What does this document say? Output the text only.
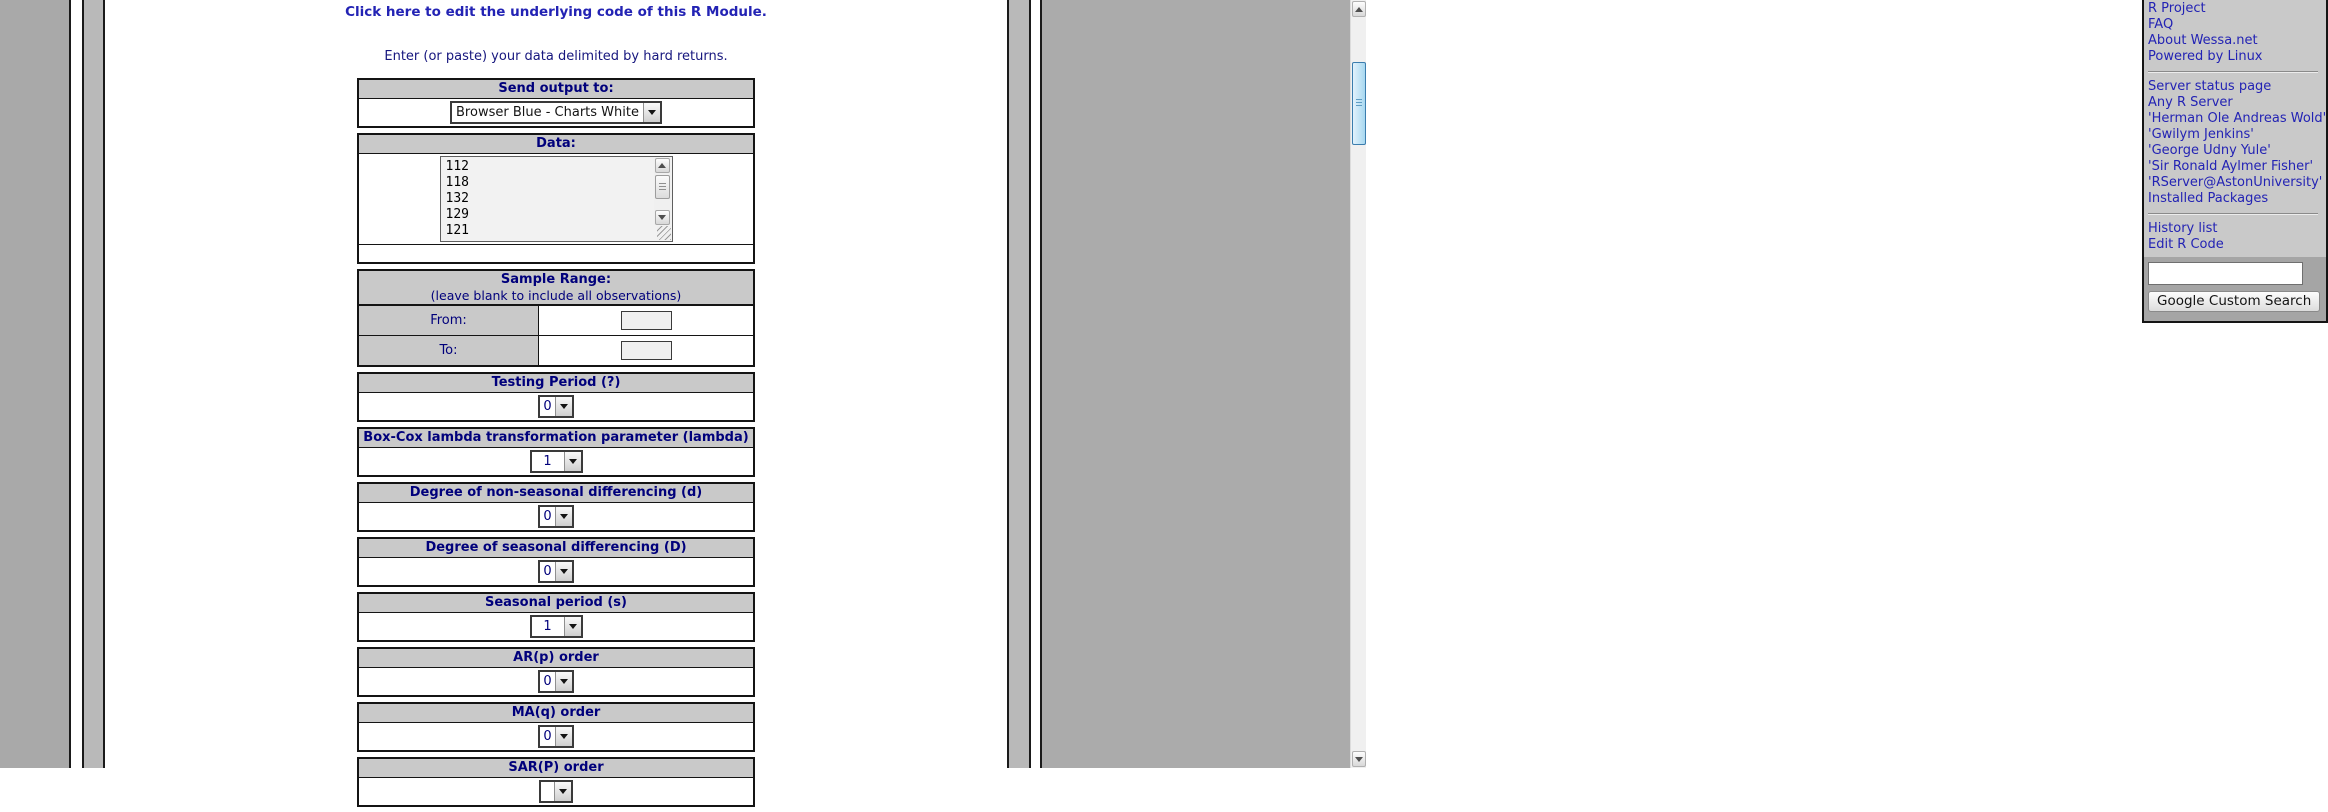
R Project
FAQ
About Wessa.net
Powered by Linux
Server status page
Any R Server
'Herman Ole Andreas Wold'
'Gwilym Jenkins'
'George Udny Yule'
'Sir Ronald Aylmer Fisher'
'RServer@AstonUniversity'
Installed Packages
History list
Edit R Code

Google Custom Search
Click here to edit the underlying code of this R Module.
Enter (or paste) your data delimited by hard returns.
Send output to:
Browser Blue - Charts White
Data:
112
118
132
129
121
Sample Range:
(leave blank to include all observations)
From:
To:
Testing Period (?)
0
Box-Cox lambda transformation parameter (lambda)
1
Degree of non-seasonal differencing (d)
0
Degree of seasonal differencing (D)
0
Seasonal period (s)
1
AR(p) order
0
MA(q) order
0
SAR(P) order
